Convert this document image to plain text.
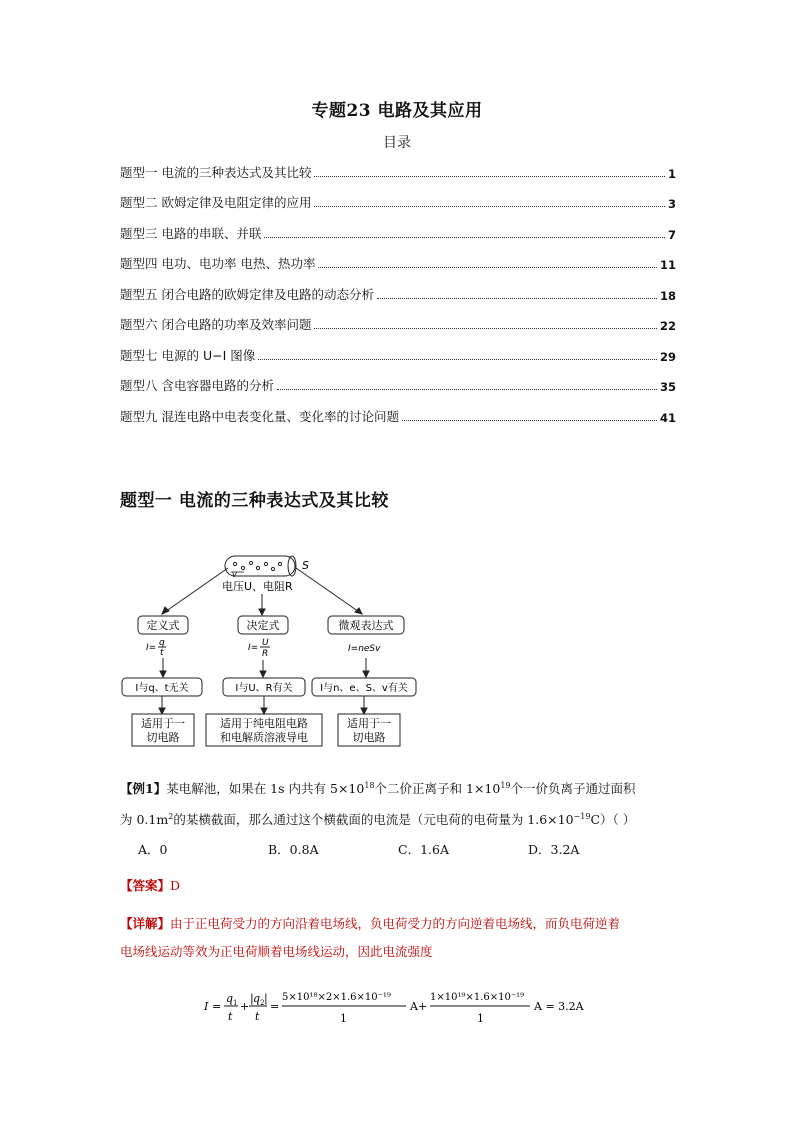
专题23 电路及其应用
目录
题型一 电流的三种表达式及其比较	1
题型二 欧姆定律及电阻定律的应用	3
题型三 电路的串联、并联	7
题型四 电功、电功率 电热、热功率	11
题型五 闭合电路的欧姆定律及电路的动态分析	18
题型六 闭合电路的功率及效率问题	22
题型七 电源的 U−I 图像	29
题型八 含电容器电路的分析	35
题型九 混连电路中电表变化量、变化率的讨论问题	41
题型一 电流的三种表达式及其比较
v
S
电压U、电阻R
定义式	决定式	微观表达式
I= q
t	I= U
R	I=neSv
I与q、t无关	I与U、R有关	I与n、e、S、v有关
适用于一
切电路
适用于纯电阻电路
和电解质溶液导电
适用于一
切电路
【例1】某电解池，如果在 1s 内共有 $5\times 10^{18}$个二价正离子和 $1\times 10^{19}$个一价负离子通过面积
为 $0.1m^2$的某横截面，那么通过这个横截面的电流是（元电荷的电荷量为 $1.6\times 10^{-19}C$）（ ）
A．0	B．0.8A	C．1.6A	D．3.2A
【答案】D
【详解】由于正电荷受力的方向沿着电场线，负电荷受力的方向逆着电场线，而负电荷逆着
电场线运动等效为正电荷顺着电场线运动，因此电流强度
I =
q 1
t
+
| q 2 |
t
=
5×10¹⁸×2×1.6×10⁻¹⁹
1
A+
1×10¹⁹×1.6×10⁻¹⁹
1
A = 3.2A
